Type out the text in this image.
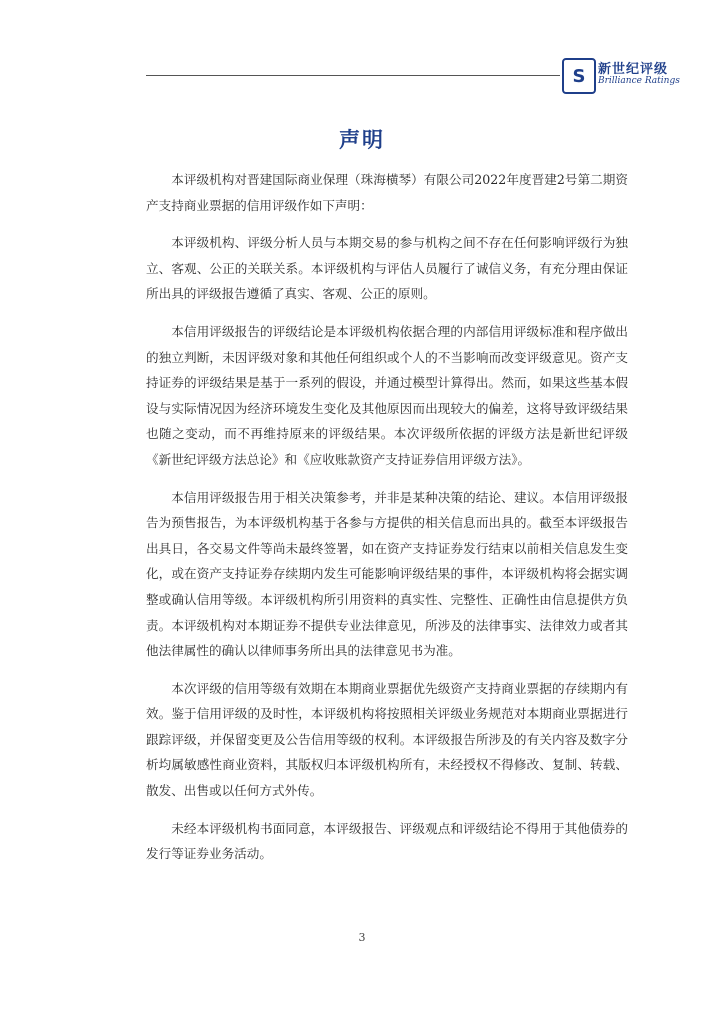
S 新世纪评级
Brilliance Ratings
声明

本评级机构对晋建国际商业保理（珠海横琴）有限公司2022年度晋建2号第二期资产支持商业票据的信用评级作如下声明：

本评级机构、评级分析人员与本期交易的参与机构之间不存在任何影响评级行为独立、客观、公正的关联关系。本评级机构与评估人员履行了诚信义务，有充分理由保证所出具的评级报告遵循了真实、客观、公正的原则。

本信用评级报告的评级结论是本评级机构依据合理的内部信用评级标准和程序做出的独立判断，未因评级对象和其他任何组织或个人的不当影响而改变评级意见。资产支持证券的评级结果是基于一系列的假设，并通过模型计算得出。然而，如果这些基本假设与实际情况因为经济环境发生变化及其他原因而出现较大的偏差，这将导致评级结果也随之变动，而不再维持原来的评级结果。本次评级所依据的评级方法是新世纪评级《新世纪评级方法总论》和《应收账款资产支持证券信用评级方法》。

本信用评级报告用于相关决策参考，并非是某种决策的结论、建议。本信用评级报告为预售报告，为本评级机构基于各参与方提供的相关信息而出具的。截至本评级报告出具日，各交易文件等尚未最终签署，如在资产支持证券发行结束以前相关信息发生变化，或在资产支持证券存续期内发生可能影响评级结果的事件，本评级机构将会据实调整或确认信用等级。本评级机构所引用资料的真实性、完整性、正确性由信息提供方负责。本评级机构对本期证券不提供专业法律意见，所涉及的法律事实、法律效力或者其他法律属性的确认以律师事务所出具的法律意见书为准。

本次评级的信用等级有效期在本期商业票据优先级资产支持商业票据的存续期内有效。鉴于信用评级的及时性，本评级机构将按照相关评级业务规范对本期商业票据进行跟踪评级，并保留变更及公告信用等级的权利。本评级报告所涉及的有关内容及数字分析均属敏感性商业资料，其版权归本评级机构所有，未经授权不得修改、复制、转载、散发、出售或以任何方式外传。

未经本评级机构书面同意，本评级报告、评级观点和评级结论不得用于其他债券的发行等证券业务活动。

3
